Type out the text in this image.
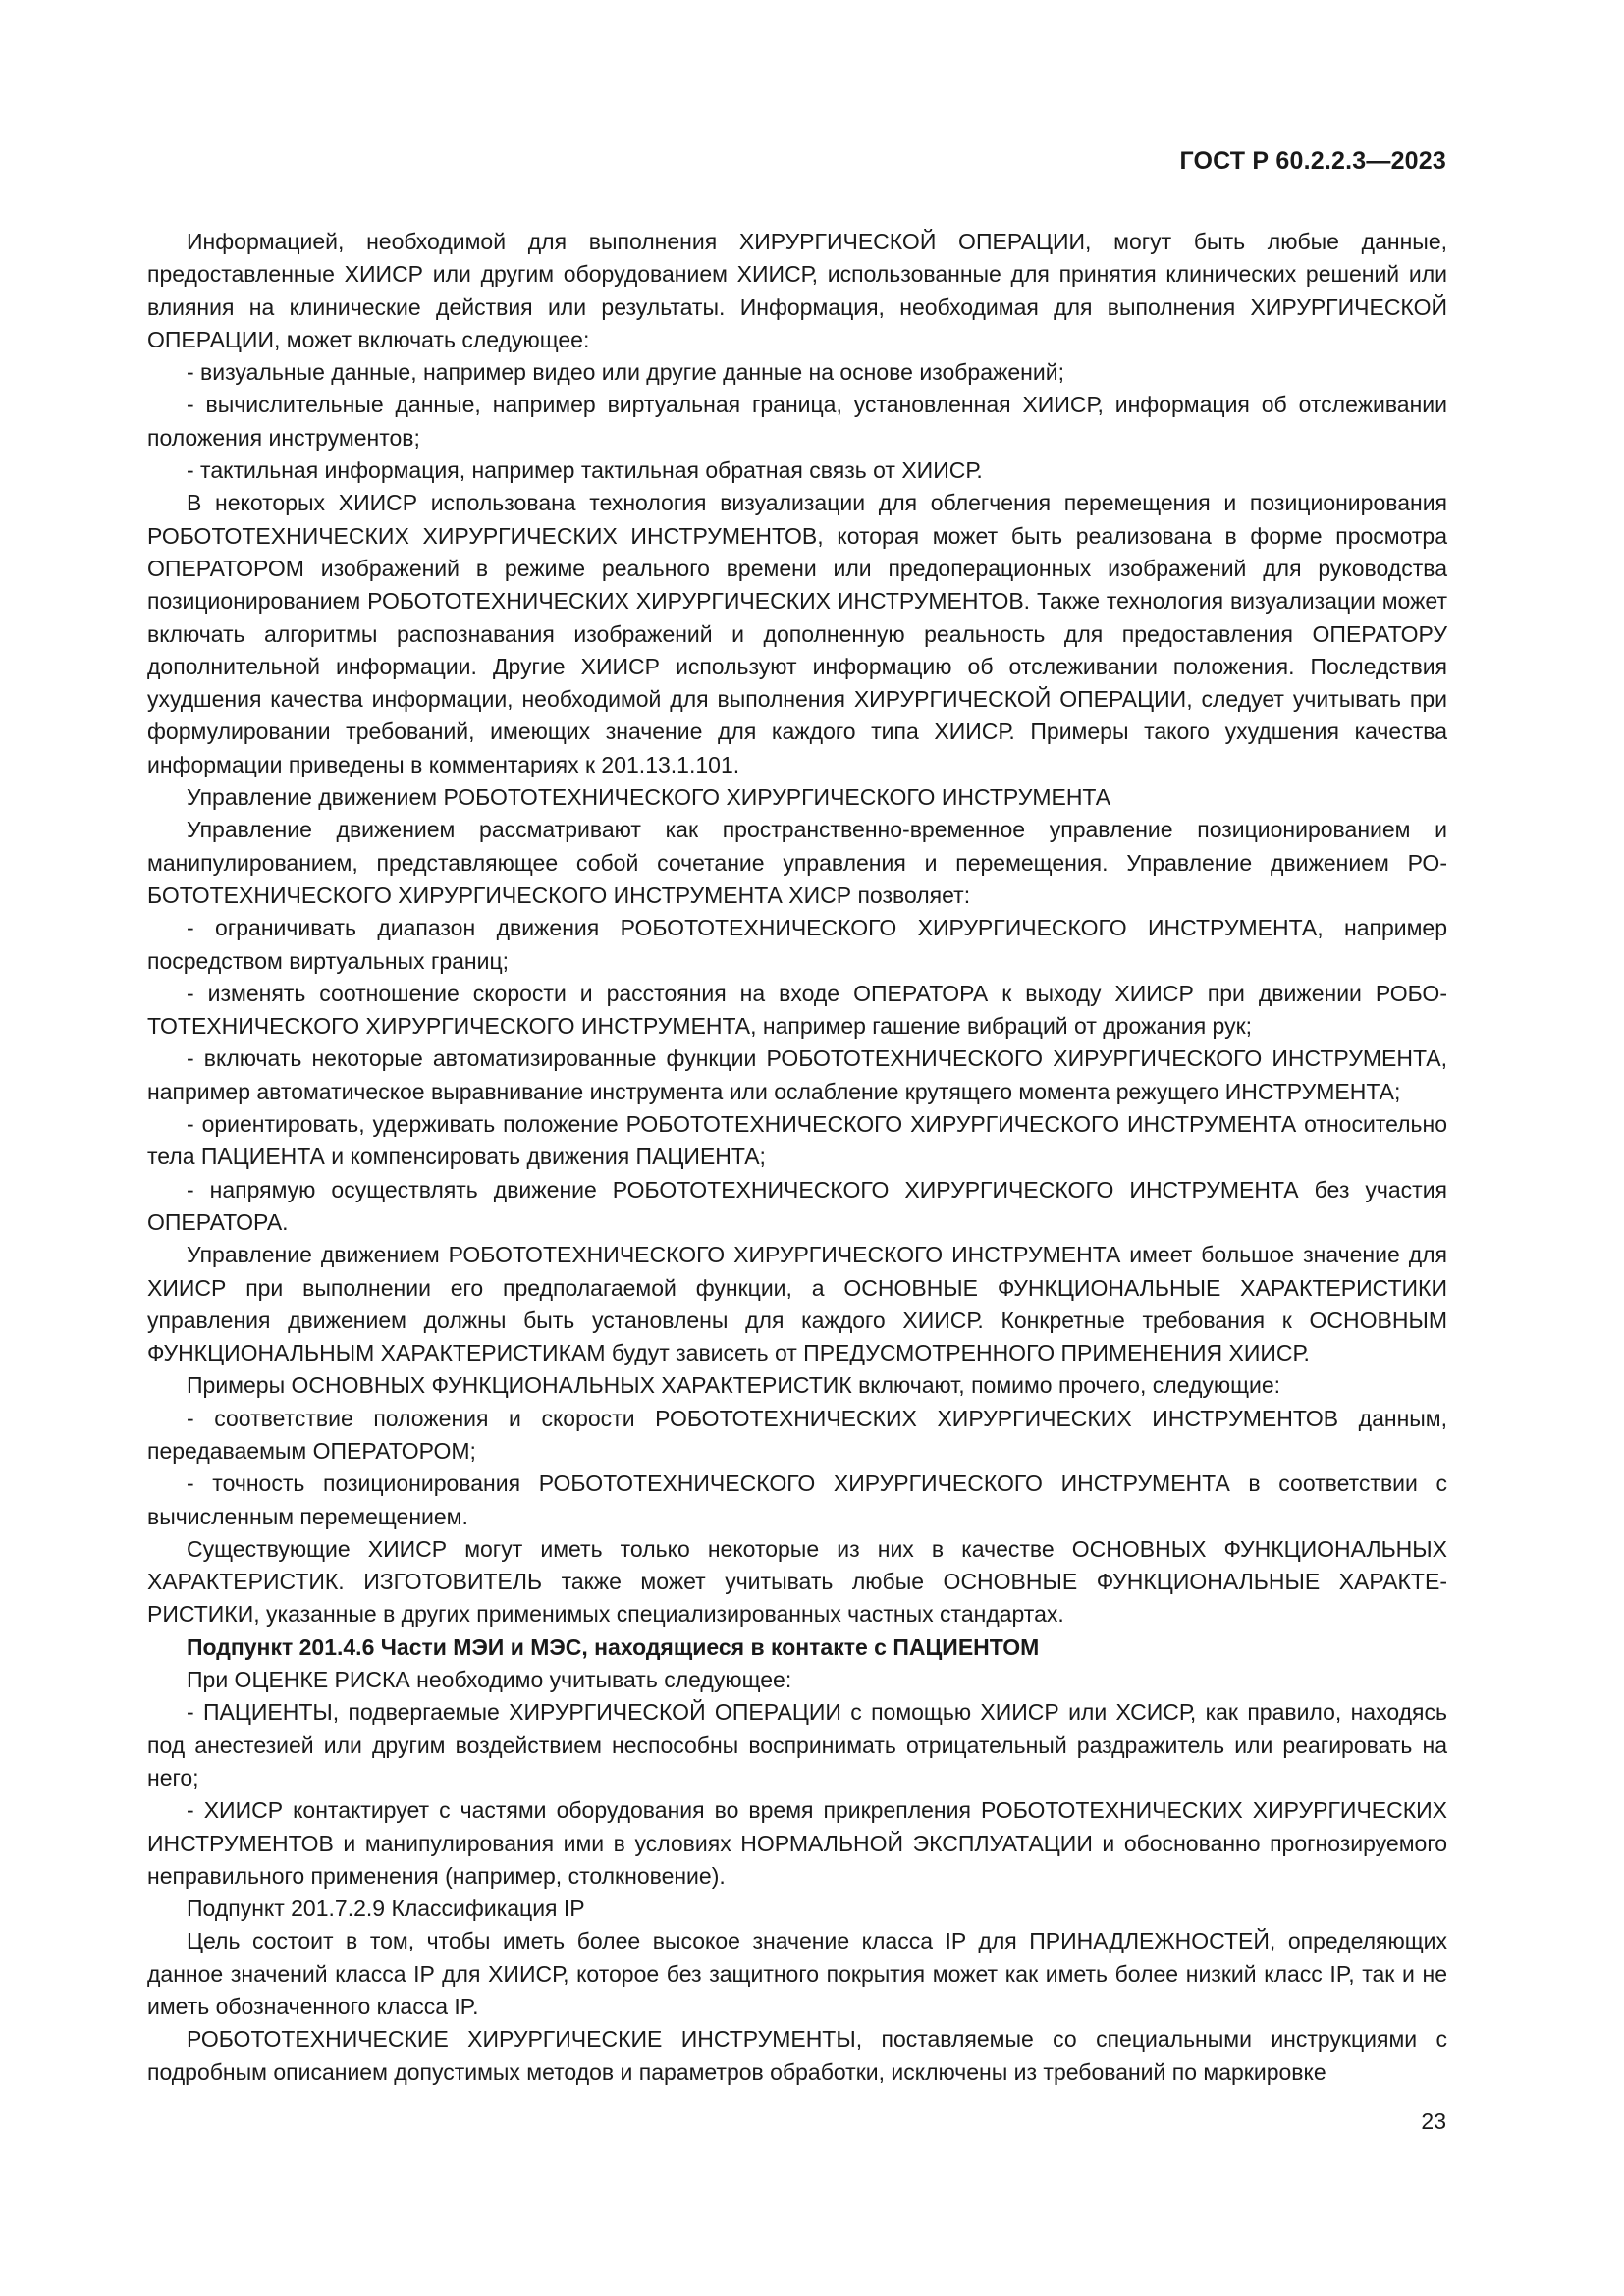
ГОСТ Р 60.2.2.3—2023

Информацией, необходимой для выполнения ХИРУРГИЧЕСКОЙ ОПЕРАЦИИ, могут быть любые данные, предоставленные ХИИСР или другим оборудованием ХИИСР, использованные для принятия клинических решений или влияния на клинические действия или результаты. Информация, необходимая для выполнения ХИРУРГИЧЕСКОЙ ОПЕРАЦИИ, может включать следующее:

- визуальные данные, например видео или другие данные на основе изображений;

- вычислительные данные, например виртуальная граница, установленная ХИИСР, информация об отслеживании положения инструментов;

- тактильная информация, например тактильная обратная связь от ХИИСР.

В некоторых ХИИСР использована технология визуализации для облегчения перемещения и позиционирования РОБОТОТЕХНИЧЕСКИХ ХИРУРГИЧЕСКИХ ИНСТРУМЕНТОВ, которая может быть реализована в форме просмотра ОПЕРАТОРОМ изображений в режиме реального времени или предоперационных изображений для руководства позиционированием РОБОТОТЕХНИЧЕСКИХ ХИРУРГИЧЕСКИХ ИНСТРУМЕНТОВ. Также технология визуализации может включать алгоритмы распознавания изображений и дополненную реальность для предоставления ОПЕРАТОРУ дополнительной информации. Другие ХИИСР используют информацию об отслеживании положения. Последствия ухудшения качества информации, необходимой для выполнения ХИРУРГИЧЕСКОЙ ОПЕРАЦИИ, следует учитывать при формулировании требований, имеющих значение для каждого типа ХИИСР. Примеры такого ухудшения качества информации приведены в комментариях к 201.13.1.101.

Управление движением РОБОТОТЕХНИЧЕСКОГО ХИРУРГИЧЕСКОГО ИНСТРУМЕНТА

Управление движением рассматривают как пространственно-временное управление позиционированием и манипулированием, представляющее собой сочетание управления и перемещения. Управление движением РОБОТОТЕХНИЧЕСКОГО ХИРУРГИЧЕСКОГО ИНСТРУМЕНТА ХИСР позволяет:

- ограничивать диапазон движения РОБОТОТЕХНИЧЕСКОГО ХИРУРГИЧЕСКОГО ИНСТРУМЕНТА, например посредством виртуальных границ;

- изменять соотношение скорости и расстояния на входе ОПЕРАТОРА к выходу ХИИСР при движении РОБОТОТЕХНИЧЕСКОГО ХИРУРГИЧЕСКОГО ИНСТРУМЕНТА, например гашение вибраций от дрожания рук;

- включать некоторые автоматизированные функции РОБОТОТЕХНИЧЕСКОГО ХИРУРГИЧЕСКОГО ИНСТРУМЕНТА, например автоматическое выравнивание инструмента или ослабление крутящего момента режущего ИНСТРУМЕНТА;

- ориентировать, удерживать положение РОБОТОТЕХНИЧЕСКОГО ХИРУРГИЧЕСКОГО ИНСТРУМЕНТА относительно тела ПАЦИЕНТА и компенсировать движения ПАЦИЕНТА;

- напрямую осуществлять движение РОБОТОТЕХНИЧЕСКОГО ХИРУРГИЧЕСКОГО ИНСТРУМЕНТА без участия ОПЕРАТОРА.

Управление движением РОБОТОТЕХНИЧЕСКОГО ХИРУРГИЧЕСКОГО ИНСТРУМЕНТА имеет большое значение для ХИИСР при выполнении его предполагаемой функции, а ОСНОВНЫЕ ФУНКЦИОНАЛЬНЫЕ ХАРАКТЕРИСТИКИ управления движением должны быть установлены для каждого ХИИСР. Конкретные требования к ОСНОВНЫМ ФУНКЦИОНАЛЬНЫМ ХАРАКТЕРИСТИКАМ будут зависеть от ПРЕДУСМОТРЕННОГО ПРИМЕНЕНИЯ ХИИСР.

Примеры ОСНОВНЫХ ФУНКЦИОНАЛЬНЫХ ХАРАКТЕРИСТИК включают, помимо прочего, следующие:

- соответствие положения и скорости РОБОТОТЕХНИЧЕСКИХ ХИРУРГИЧЕСКИХ ИНСТРУМЕНТОВ данным, передаваемым ОПЕРАТОРОМ;

- точность позиционирования РОБОТОТЕХНИЧЕСКОГО ХИРУРГИЧЕСКОГО ИНСТРУМЕНТА в соответствии с вычисленным перемещением.

Существующие ХИИСР могут иметь только некоторые из них в качестве ОСНОВНЫХ ФУНКЦИОНАЛЬНЫХ ХАРАКТЕРИСТИК. ИЗГОТОВИТЕЛЬ также может учитывать любые ОСНОВНЫЕ ФУНКЦИОНАЛЬНЫЕ ХАРАКТЕРИСТИКИ, указанные в других применимых специализированных частных стандартах.

Подпункт 201.4.6 Части МЭИ и МЭС, находящиеся в контакте с ПАЦИЕНТОМ

При ОЦЕНКЕ РИСКА необходимо учитывать следующее:

- ПАЦИЕНТЫ, подвергаемые ХИРУРГИЧЕСКОЙ ОПЕРАЦИИ с помощью ХИИСР или ХСИСР, как правило, находясь под анестезией или другим воздействием неспособны воспринимать отрицательный раздражитель или реагировать на него;

- ХИИСР контактирует с частями оборудования во время прикрепления РОБОТОТЕХНИЧЕСКИХ ХИРУРГИЧЕСКИХ ИНСТРУМЕНТОВ и манипулирования ими в условиях НОРМАЛЬНОЙ ЭКСПЛУАТАЦИИ и обоснованно прогнозируемого неправильного применения (например, столкновение).

Подпункт 201.7.2.9 Классификация IP

Цель состоит в том, чтобы иметь более высокое значение класса IP для ПРИНАДЛЕЖНОСТЕЙ, определяющих данное значений класса IP для ХИИСР, которое без защитного покрытия может как иметь более низкий класс IP, так и не иметь обозначенного класса IP.

РОБОТОТЕХНИЧЕСКИЕ ХИРУРГИЧЕСКИЕ ИНСТРУМЕНТЫ, поставляемые со специальными инструкциями с подробным описанием допустимых методов и параметров обработки, исключены из требований по маркировке

23
